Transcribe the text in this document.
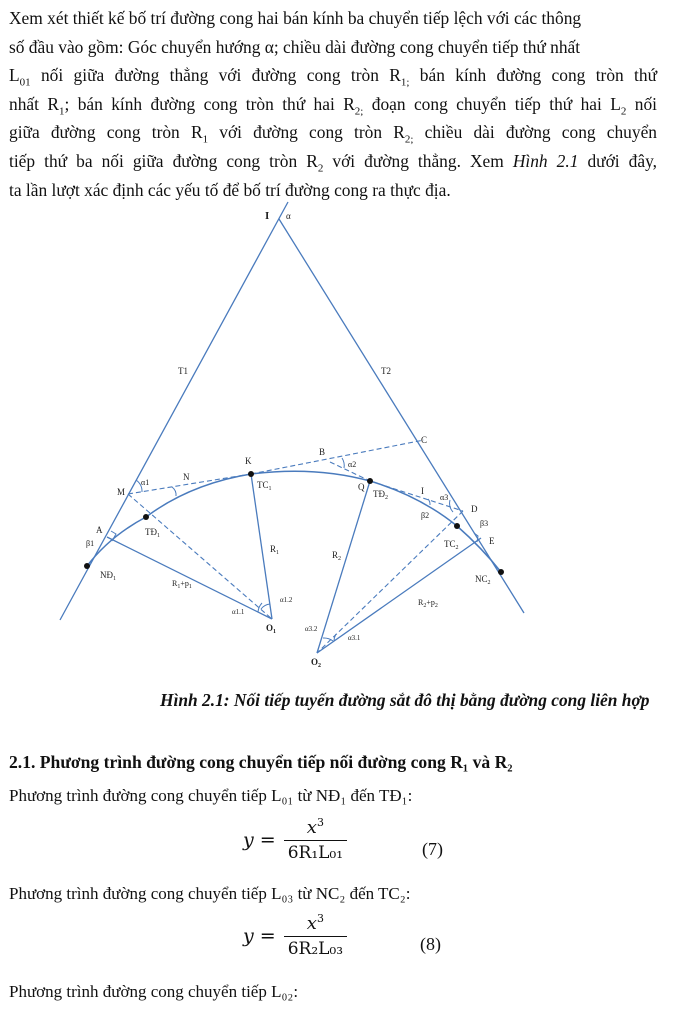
Xem xét thiết kế bố trí đường cong hai bán kính ba chuyển tiếp lệch với các thông
số đầu vào gồm: Góc chuyển hướng α; chiều dài đường cong chuyển tiếp thứ nhất
$L_{01}$ nối giữa đường thẳng với đường cong tròn $R_{1;}$ bán kính đường cong tròn thứ
nhất $R_1$; bán kính đường cong tròn thứ hai $R_{2;}$ đoạn cong chuyển tiếp thứ hai $L_2$ nối
giữa đường cong tròn $R_1$ với đường cong tròn $R_{2;}$ chiều dài đường cong chuyển
tiếp thứ ba nối giữa đường cong tròn $R_2$ với đường thẳng. Xem Hình 2.1 dưới đây,
ta lần lượt xác định các yếu tố để bố trí đường cong ra thực địa.
I α
T1	T2
K
$TC_1$
B
C
α2
M
α1
N
Q
$TĐ_2$
I
α3
D
β2
β3
$TĐ_1$
A
β1	$TC_2$
E
$NĐ_1$	$NC_2$
$R_1$	$R_2$
$R_1+p_1$
$R_2+p_2$
α1.1
α1.2
α3.1
α3.2
$O_1$
$O_2$
Hình 2.1: Nối tiếp tuyến đường sắt đô thị bằng đường cong liên hợp
2.1. Phương trình đường cong chuyển tiếp nối đường cong R₁ và R₂
Phương trình đường cong chuyển tiếp L₀₁ từ NĐ₁ đến TĐ₁:
$y = \frac{x^3}{\text{6R₁L₀₁}}$	(7)
Phương trình đường cong chuyển tiếp L₀₃ từ NC₂ đến TC₂:
$y = \frac{x^3}{\text{6R₂L₀₃}}$	(8)
Phương trình đường cong chuyển tiếp L₀₂:
